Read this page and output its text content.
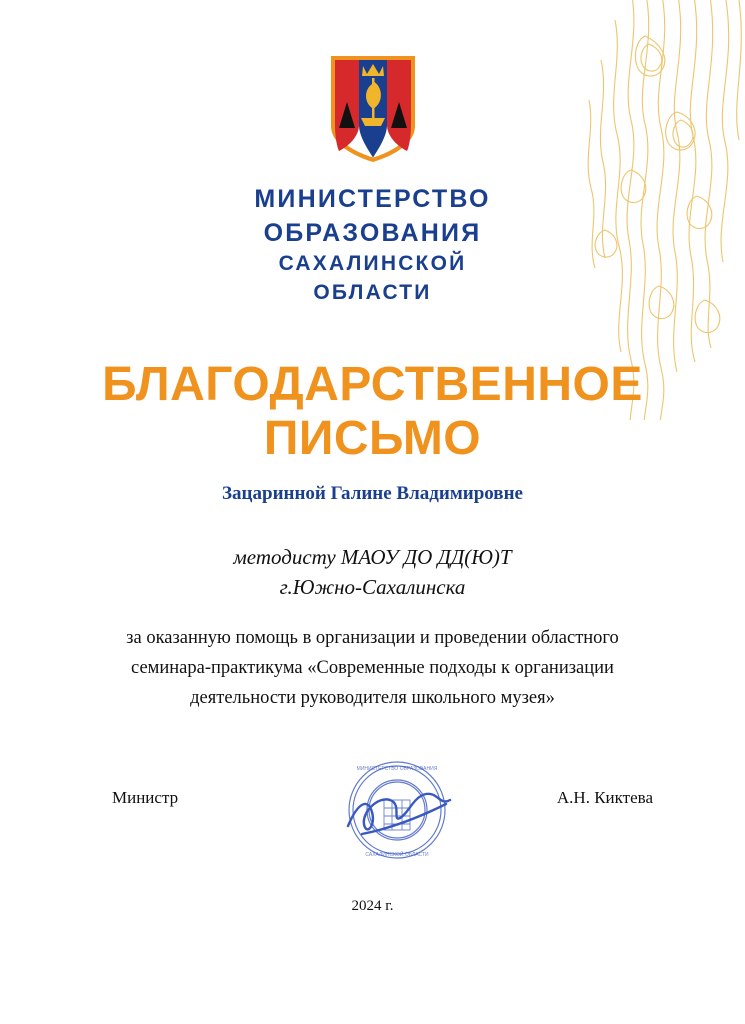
МИНИСТЕРСТВО
ОБРАЗОВАНИЯ
САХАЛИНСКОЙ
ОБЛАСТИ
БЛАГОДАРСТВЕННОЕ
ПИСЬМО
Зацаринной Галине Владимировне
методисту МАОУ ДО ДД(Ю)Т
г.Южно-Сахалинска
за оказанную помощь в организации и проведении областного
семинара-практикума «Современные подходы к организации
деятельности руководителя школьного музея»
МИНИСТЕРСТВО ОБРАЗОВАНИЯ
САХАЛИНСКОЙ ОБЛАСТИ
Министр	А.Н. Киктева
2024 г.
